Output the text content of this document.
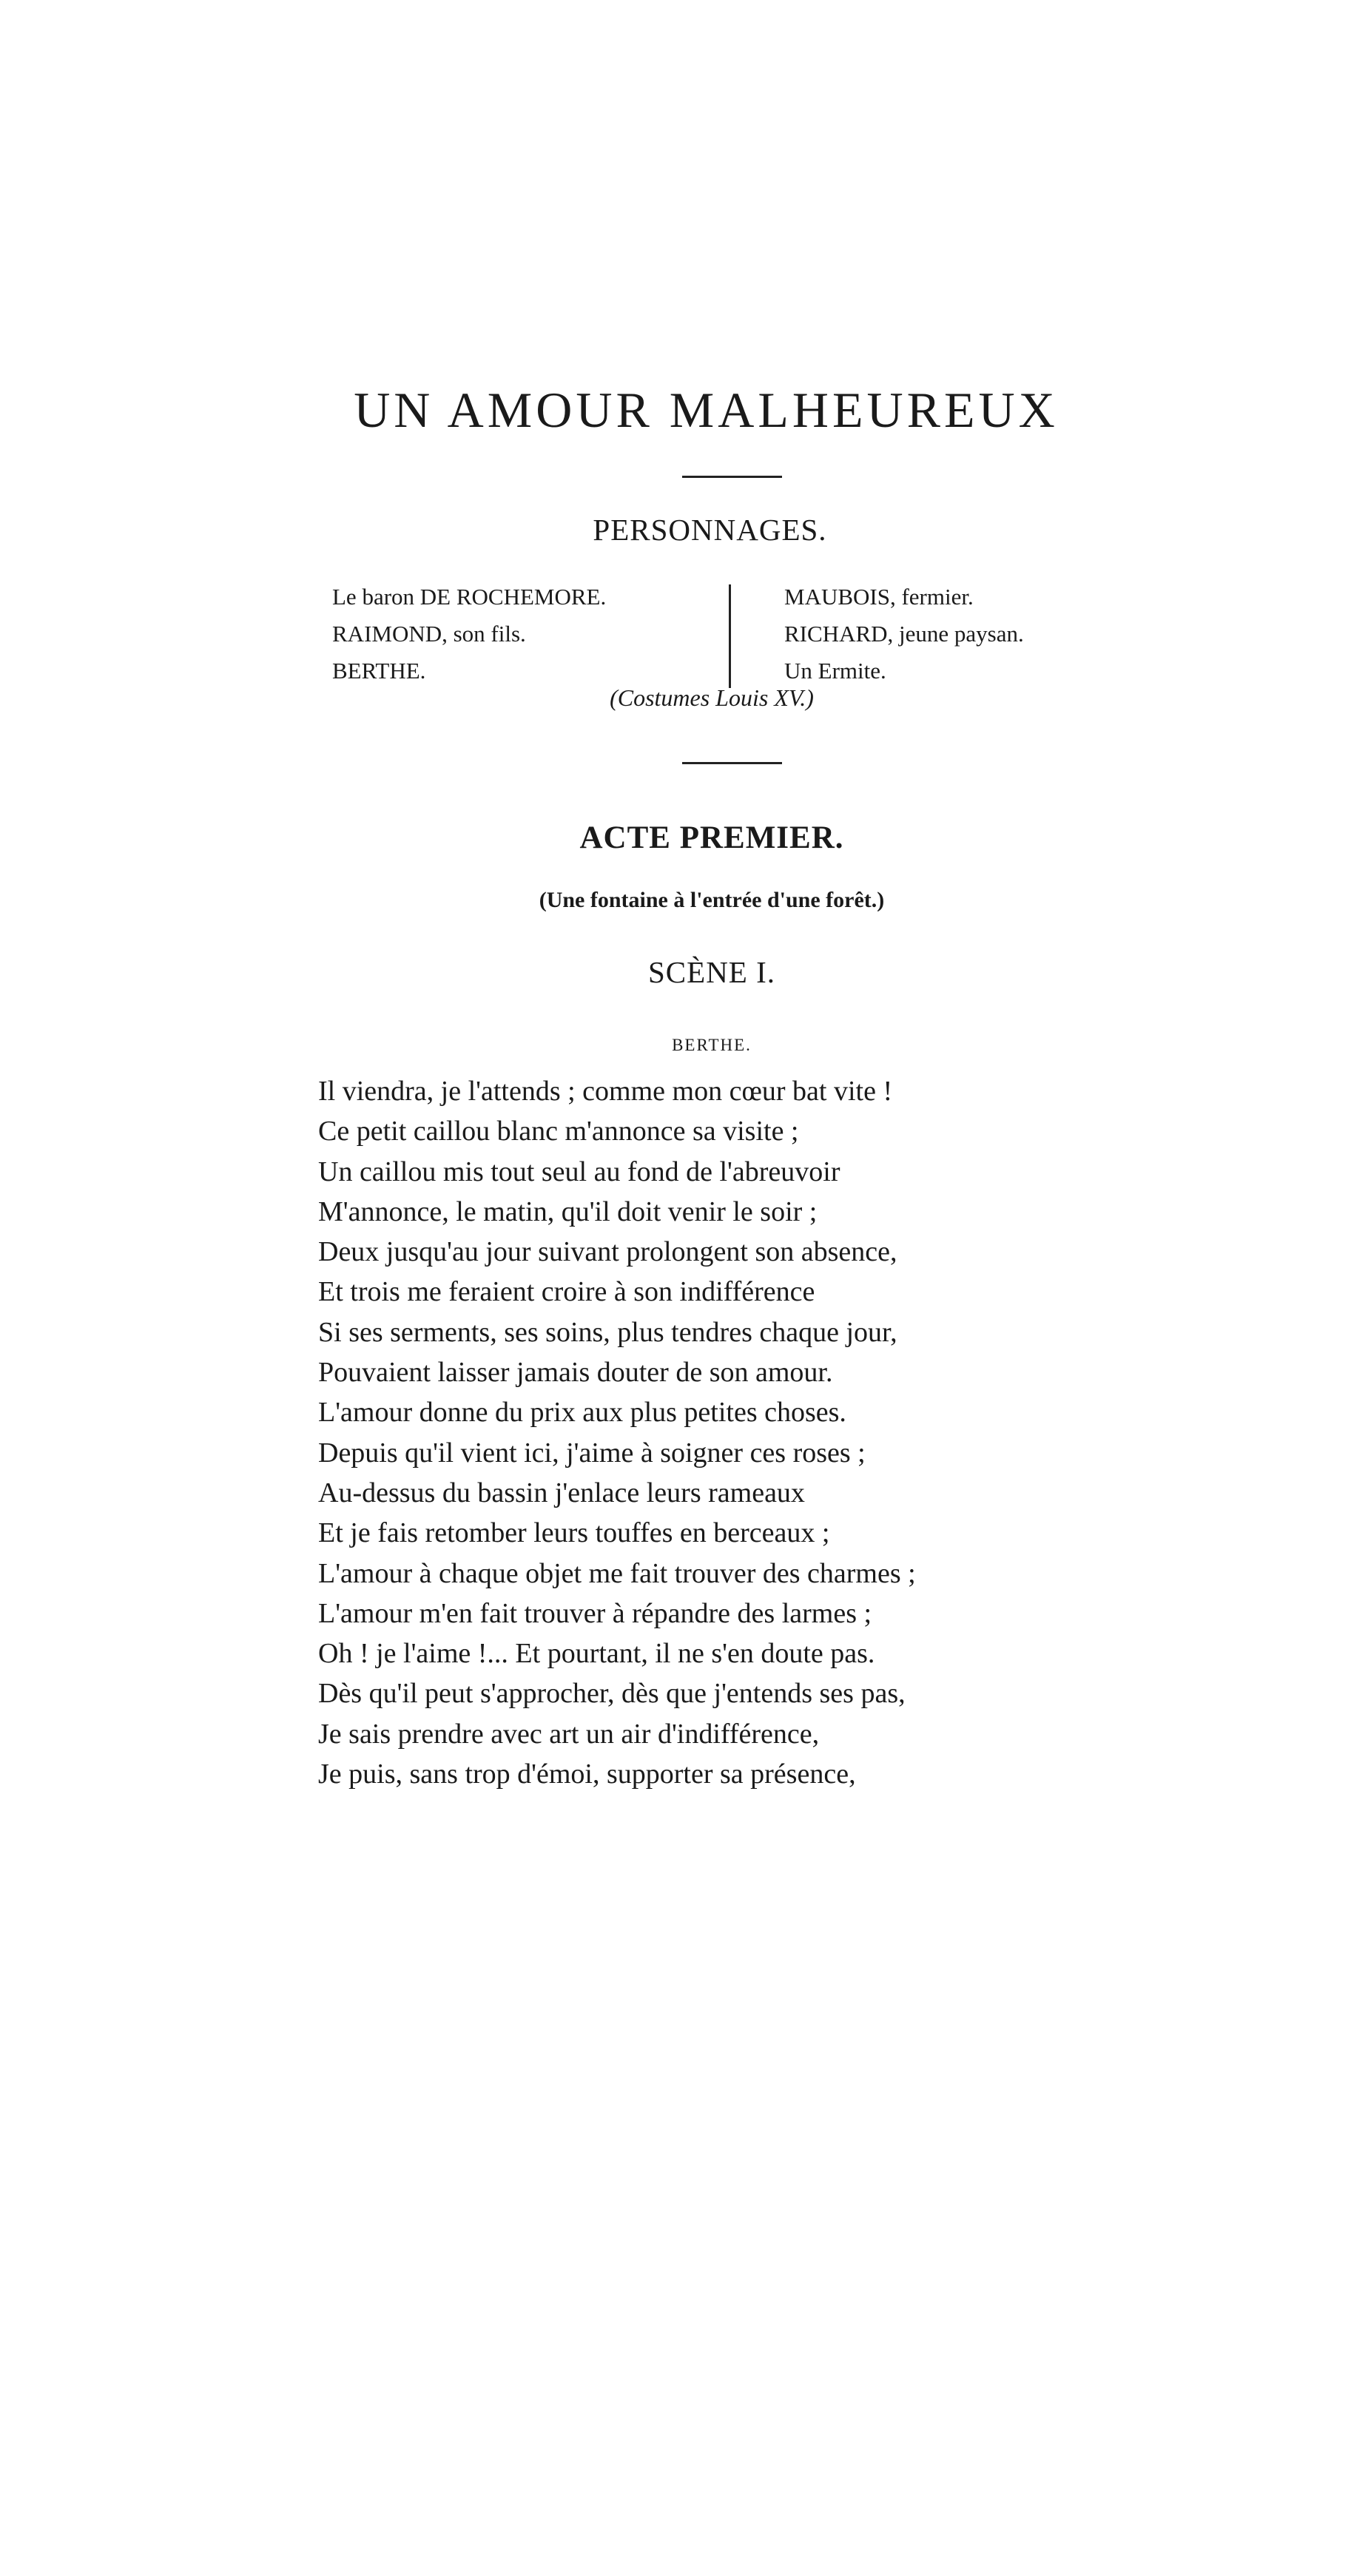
UN AMOUR MALHEUREUX
PERSONNAGES.
Le baron DE ROCHEMORE.
RAIMOND, son fils.
BERTHE.
MAUBOIS, fermier.
RICHARD, jeune paysan.
Un Ermite.
(Costumes Louis XV.)
ACTE PREMIER.
(Une fontaine à l'entrée d'une forêt.)
SCÈNE I.
BERTHE.
Il viendra, je l'attends ; comme mon cœur bat vite !
Ce petit caillou blanc m'annonce sa visite ;
Un caillou mis tout seul au fond de l'abreuvoir
M'annonce, le matin, qu'il doit venir le soir ;
Deux jusqu'au jour suivant prolongent son absence,
Et trois me feraient croire à son indifférence
Si ses serments, ses soins, plus tendres chaque jour,
Pouvaient laisser jamais douter de son amour.
L'amour donne du prix aux plus petites choses.
Depuis qu'il vient ici, j'aime à soigner ces roses ;
Au-dessus du bassin j'enlace leurs rameaux
Et je fais retomber leurs touffes en berceaux ;
L'amour à chaque objet me fait trouver des charmes ;
L'amour m'en fait trouver à répandre des larmes ;
Oh ! je l'aime !... Et pourtant, il ne s'en doute pas.
Dès qu'il peut s'approcher, dès que j'entends ses pas,
Je sais prendre avec art un air d'indifférence,
Je puis, sans trop d'émoi, supporter sa présence,
